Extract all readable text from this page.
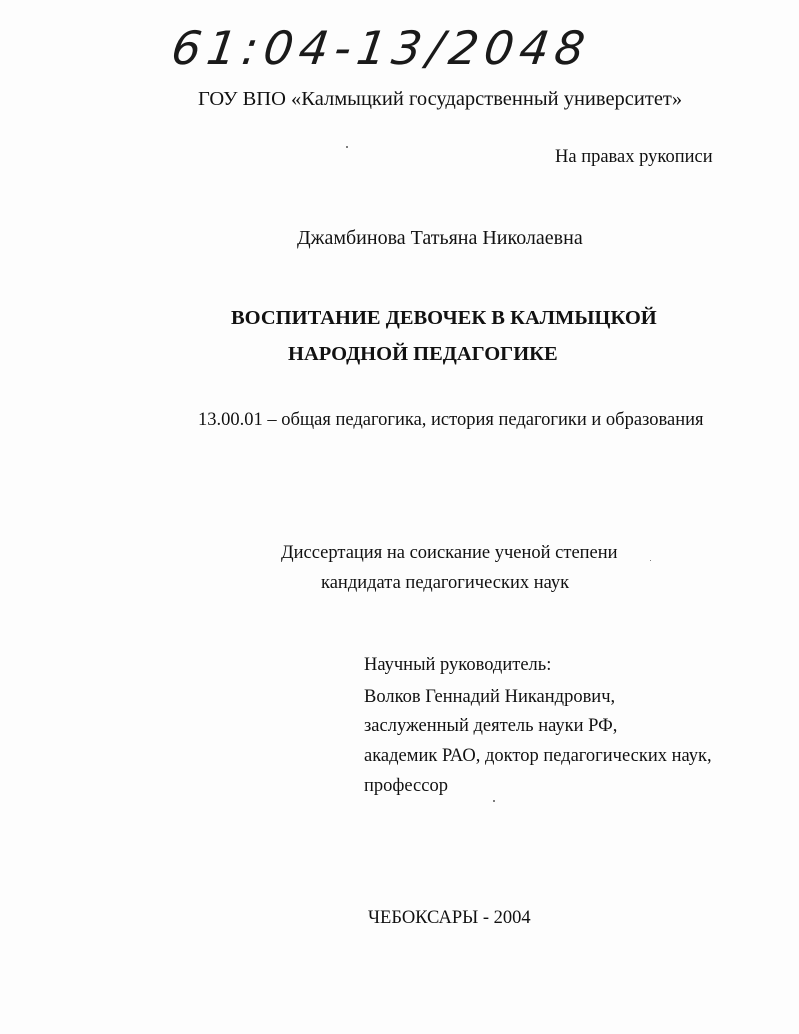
61:04-13/2048
ГОУ ВПО «Калмыцкий государственный университет»
На правах рукописи
Джамбинова Татьяна Николаевна
ВОСПИТАНИЕ ДЕВОЧЕК В КАЛМЫЦКОЙ
НАРОДНОЙ ПЕДАГОГИКЕ
13.00.01 – общая педагогика, история педагогики и образования
Диссертация на соискание ученой степени
кандидата педагогических наук
Научный руководитель:
Волков Геннадий Никандрович,
заслуженный деятель науки РФ,
академик РАО, доктор педагогических наук,
профессор
ЧЕБОКСАРЫ - 2004
